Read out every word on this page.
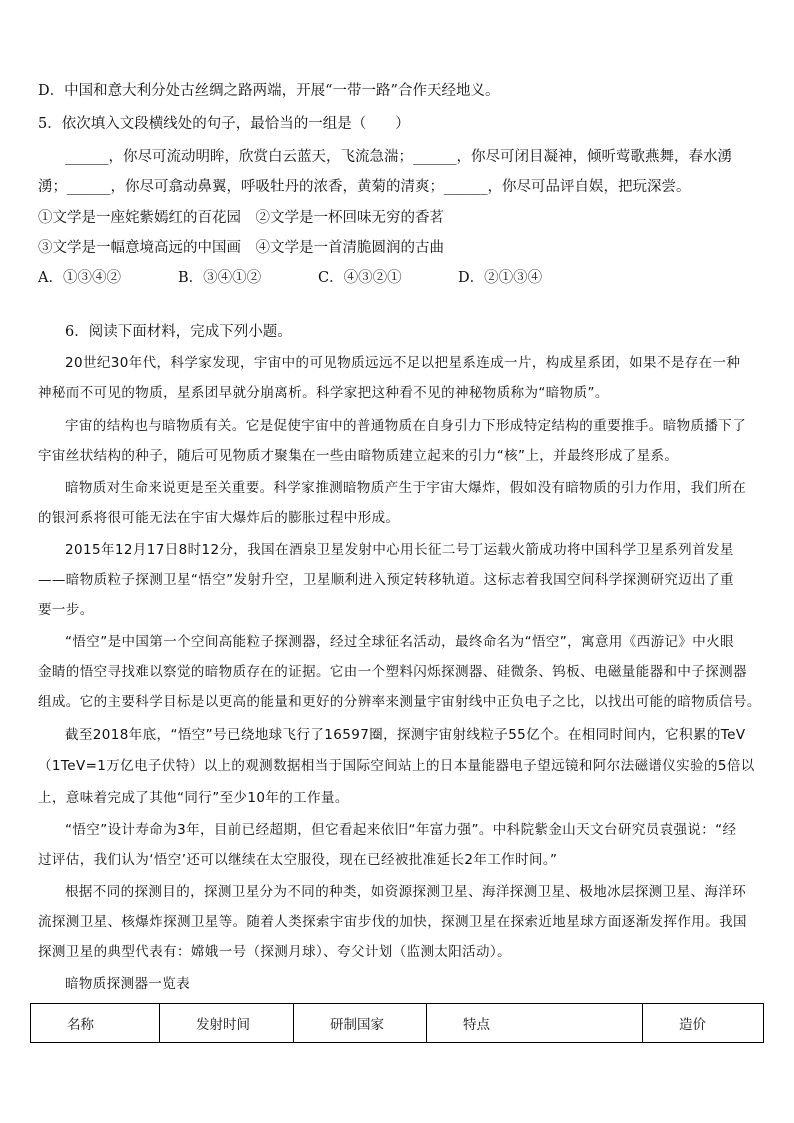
D．中国和意大利分处古丝绸之路两端，开展“一带一路”合作天经地义。
5．依次填入文段横线处的句子，最恰当的一组是（　　）
______，你尽可流动明眸，欣赏白云蓝天，飞流急湍；______，你尽可闭目凝神，倾听莺歌燕舞，春水湧
湧；______，你尽可翕动鼻翼，呼吸牡丹的浓香，黄菊的清爽；______，你尽可品评自娱，把玩深尝。
①文学是一座姹紫嫣红的百花园　②文学是一杯回味无穷的香茗
③文学是一幅意境高远的中国画　④文学是一首清脆圆润的古曲
A．①③④②	B．③④①②	C．④③②①	D．②①③④
6．阅读下面材料，完成下列小题。
20世纪30年代，科学家发现，宇宙中的可见物质远远不足以把星系连成一片，构成星系团，如果不是存在一种
神秘而不可见的物质，星系团早就分崩离析。科学家把这种看不见的神秘物质称为“暗物质”。
宇宙的结构也与暗物质有关。它是促使宇宙中的普通物质在自身引力下形成特定结构的重要推手。暗物质播下了
宇宙丝状结构的种子，随后可见物质才聚集在一些由暗物质建立起来的引力“核”上，并最终形成了星系。
暗物质对生命来说更是至关重要。科学家推测暗物质产生于宇宙大爆炸，假如没有暗物质的引力作用，我们所在
的银河系将很可能无法在宇宙大爆炸后的膨胀过程中形成。
2015年12月17日8时12分，我国在酒泉卫星发射中心用长征二号丁运载火箭成功将中国科学卫星系列首发星
——暗物质粒子探测卫星“悟空”发射升空，卫星顺利进入预定转移轨道。这标志着我国空间科学探测研究迈出了重
要一步。
“悟空”是中国第一个空间高能粒子探测器，经过全球征名活动，最终命名为“悟空”，寓意用《西游记》中火眼
金睛的悟空寻找难以察觉的暗物质存在的证据。它由一个塑料闪烁探测器、硅微条、钨板、电磁量能器和中子探测器
组成。它的主要科学目标是以更高的能量和更好的分辨率来测量宇宙射线中正负电子之比，以找出可能的暗物质信号。
截至2018年底，“悟空”号已绕地球飞行了16597圈，探测宇宙射线粒子55亿个。在相同时间内，它积累的TeV
（1TeV=1万亿电子伏特）以上的观测数据相当于国际空间站上的日本量能器电子望远镜和阿尔法磁谱仪实验的5倍以
上，意味着完成了其他“同行”至少10年的工作量。
“悟空”设计寿命为3年，目前已经超期，但它看起来依旧“年富力强”。中科院紫金山天文台研究员袁强说：“经
过评估，我们认为‘悟空’还可以继续在太空服役，现在已经被批准延长2年工作时间。”
根据不同的探测目的，探测卫星分为不同的种类，如资源探测卫星、海洋探测卫星、极地冰层探测卫星、海洋环
流探测卫星、核爆炸探测卫星等。随着人类探索宇宙步伐的加快，探测卫星在探索近地星球方面逐渐发挥作用。我国
探测卫星的典型代表有：嫦娥一号（探测月球）、夸父计划（监测太阳活动）。
暗物质探测器一览表
名称	发射时间	研制国家	特点	造价
